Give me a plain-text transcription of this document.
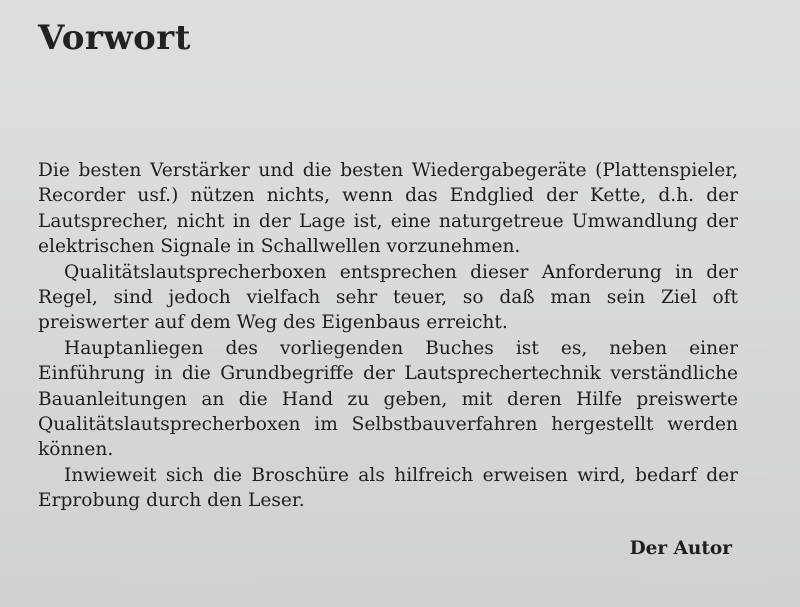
Vorwort

Die besten Verstärker und die besten Wiedergabegeräte (Plattenspieler, Recorder usf.) nützen nichts, wenn das Endglied der Kette, d.h. der Lautsprecher, nicht in der Lage ist, eine naturgetreue Umwandlung der elektrischen Signale in Schallwellen vorzunehmen.

Qualitätslautsprecherboxen entsprechen dieser Anforderung in der Regel, sind jedoch vielfach sehr teuer, so daß man sein Ziel oft preiswerter auf dem Weg des Eigenbaus erreicht.

Hauptanliegen des vorliegenden Buches ist es, neben einer Einführung in die Grundbegriffe der Lautsprechertechnik verständliche Bauanleitungen an die Hand zu geben, mit deren Hilfe preiswerte Qualitätslautsprecherboxen im Selbstbauverfahren hergestellt werden können.

Inwieweit sich die Broschüre als hilfreich erweisen wird, bedarf der Erprobung durch den Leser.

Der Autor
